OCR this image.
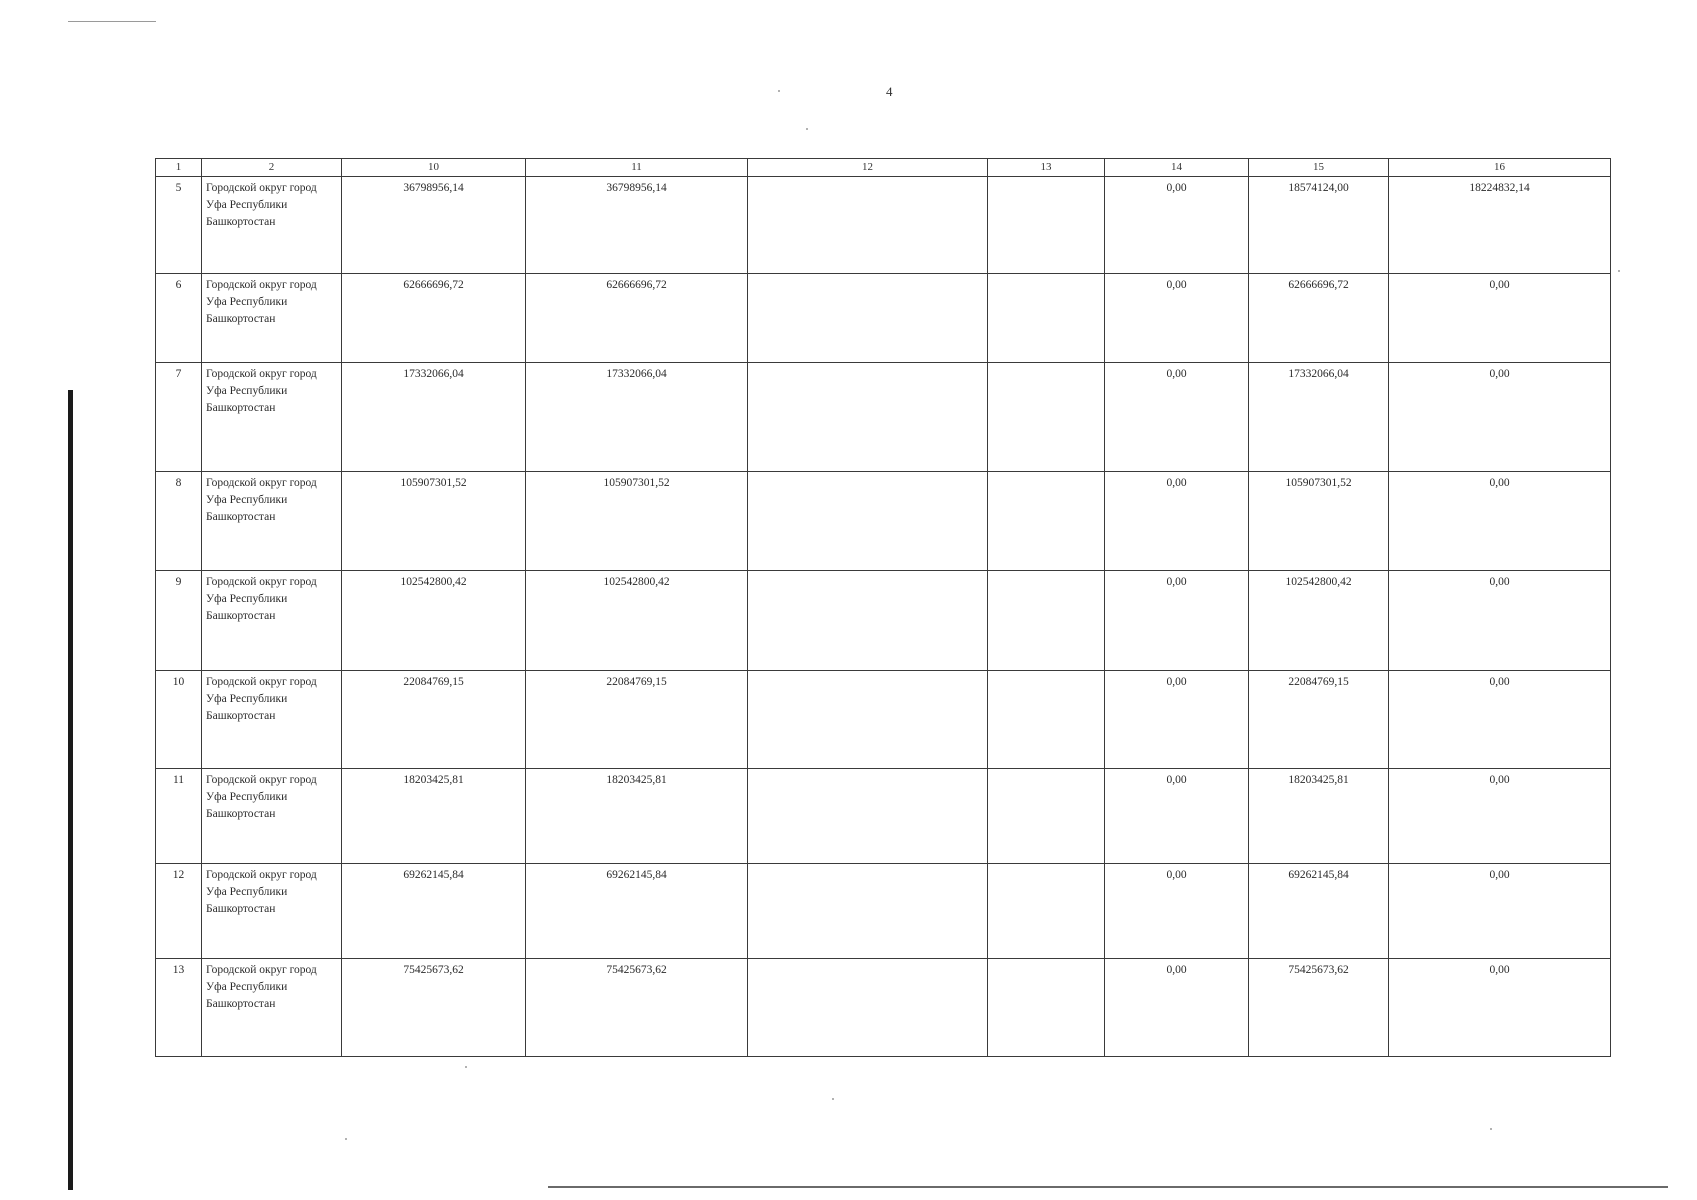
4
1	2	10	11	12	13	14	15	16
5	Городской округ город
Уфа Республики
Башкортостан	36798956,14	36798956,14			0,00	18574124,00	18224832,14
6	Городской округ город
Уфа Республики
Башкортостан	62666696,72	62666696,72			0,00	62666696,72	0,00
7	Городской округ город
Уфа Республики
Башкортостан	17332066,04	17332066,04			0,00	17332066,04	0,00
8	Городской округ город
Уфа Республики
Башкортостан	105907301,52	105907301,52			0,00	105907301,52	0,00
9	Городской округ город
Уфа Республики
Башкортостан	102542800,42	102542800,42			0,00	102542800,42	0,00
10	Городской округ город
Уфа Республики
Башкортостан	22084769,15	22084769,15			0,00	22084769,15	0,00
11	Городской округ город
Уфа Республики
Башкортостан	18203425,81	18203425,81			0,00	18203425,81	0,00
12	Городской округ город
Уфа Республики
Башкортостан	69262145,84	69262145,84			0,00	69262145,84	0,00
13	Городской округ город
Уфа Республики
Башкортостан	75425673,62	75425673,62			0,00	75425673,62	0,00
